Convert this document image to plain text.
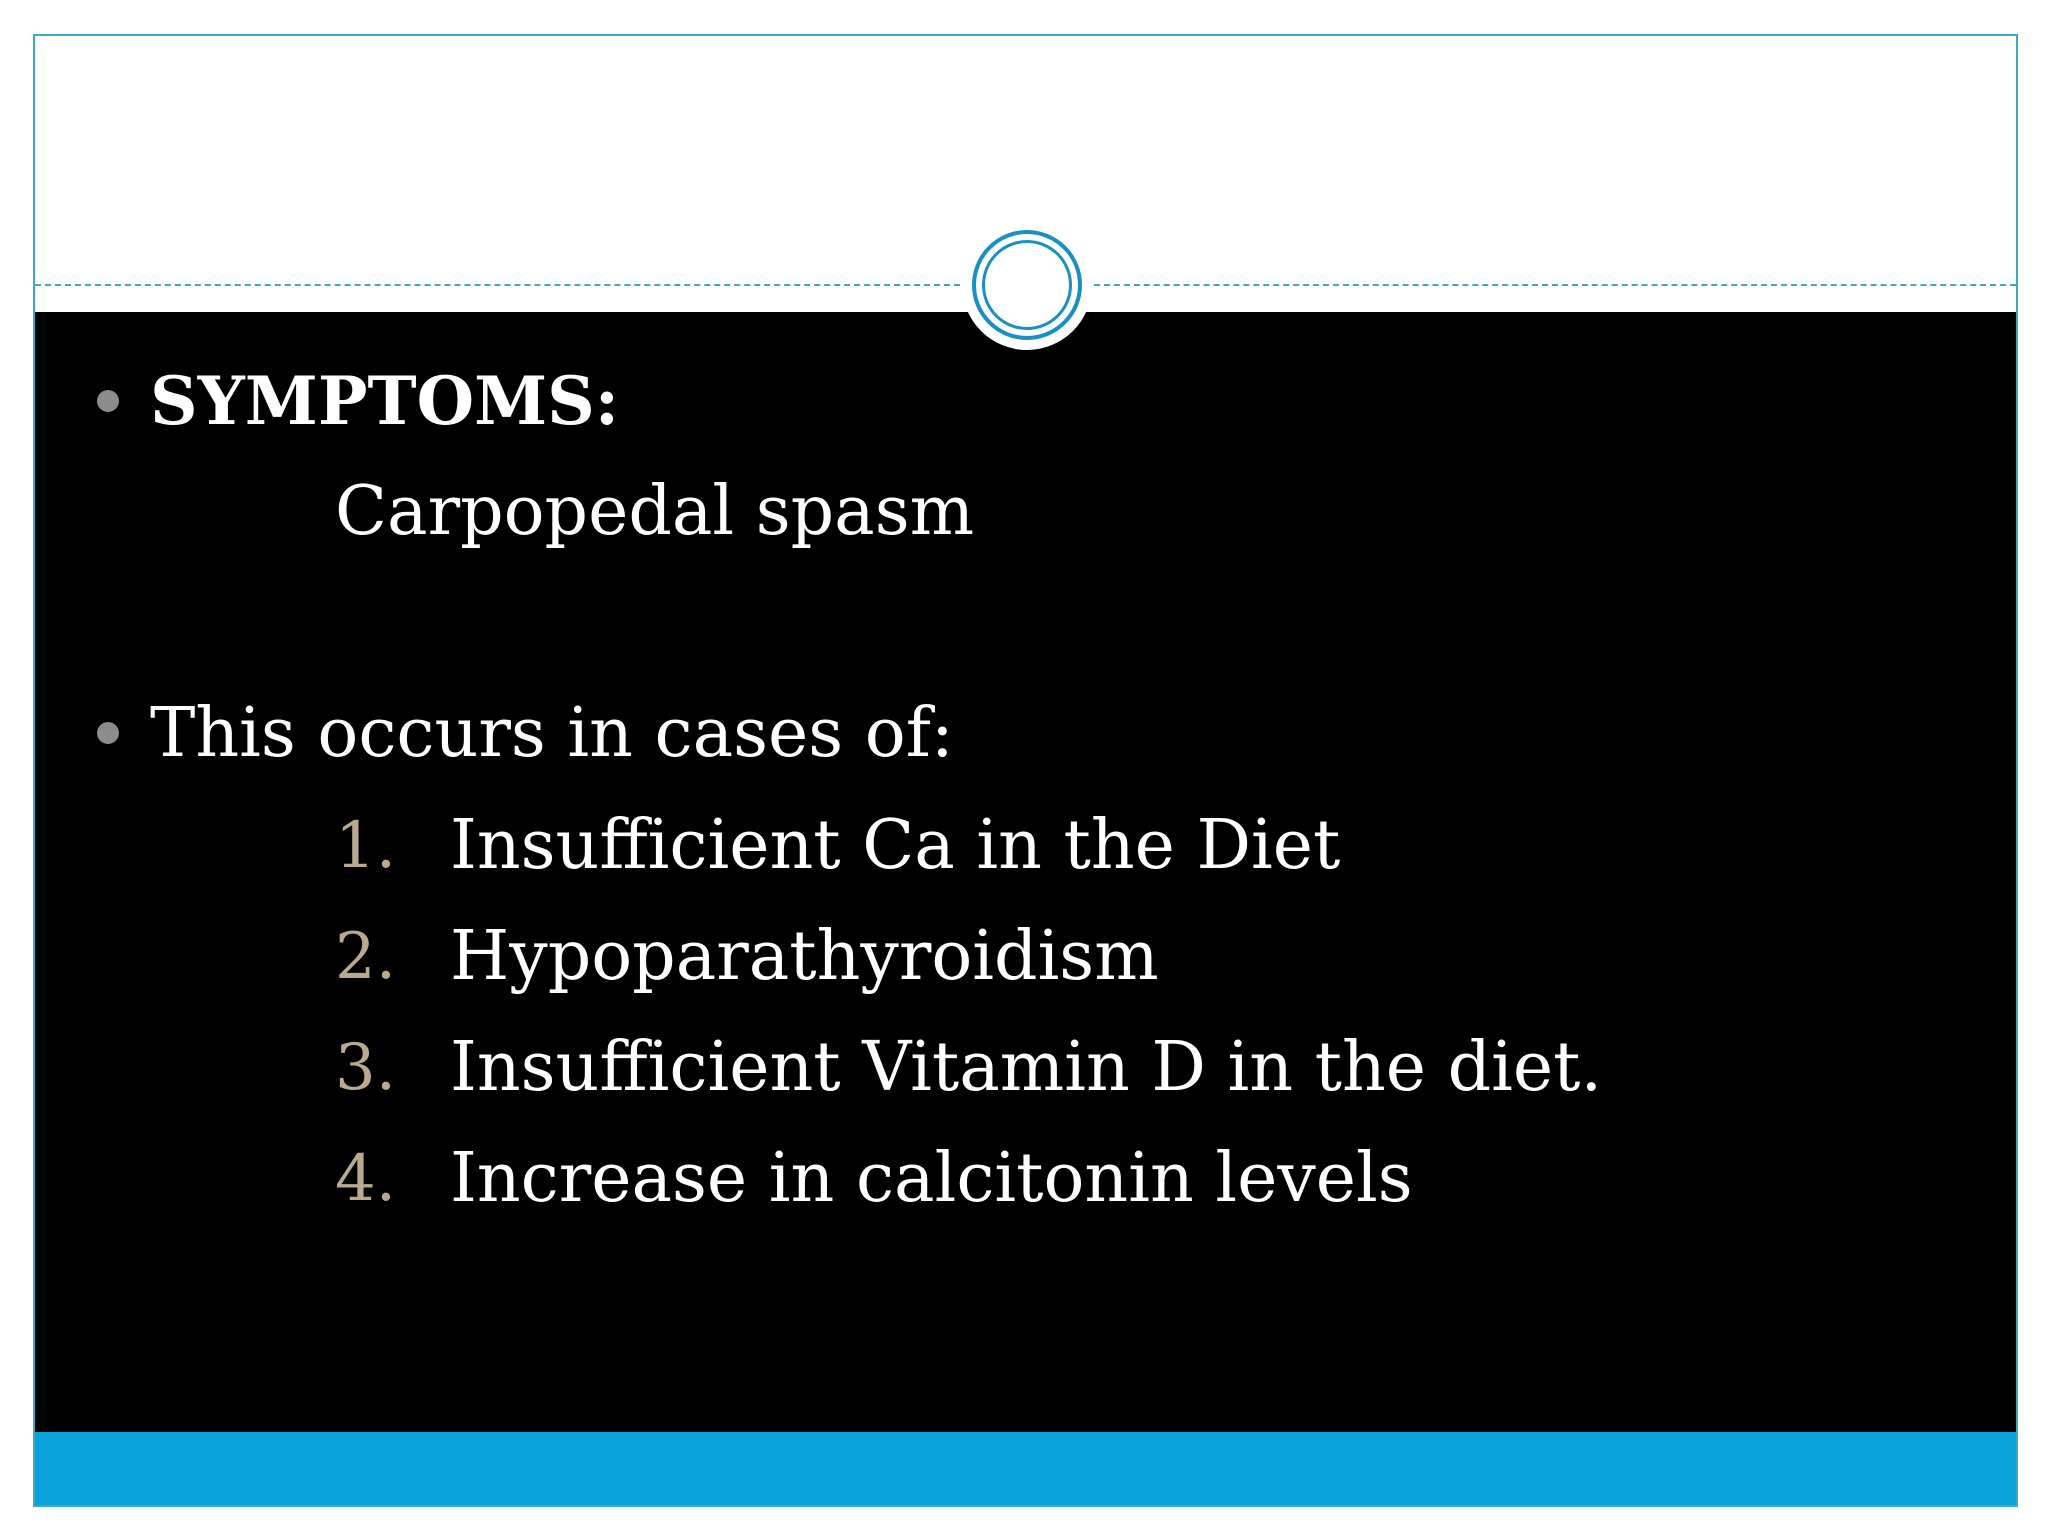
SYMPTOMS:
Carpopedal spasm
This occurs in cases of:
1. Insufficient Ca in the Diet
2. Hypoparathyroidism
3. Insufficient Vitamin D in the diet.
4. Increase in calcitonin levels
